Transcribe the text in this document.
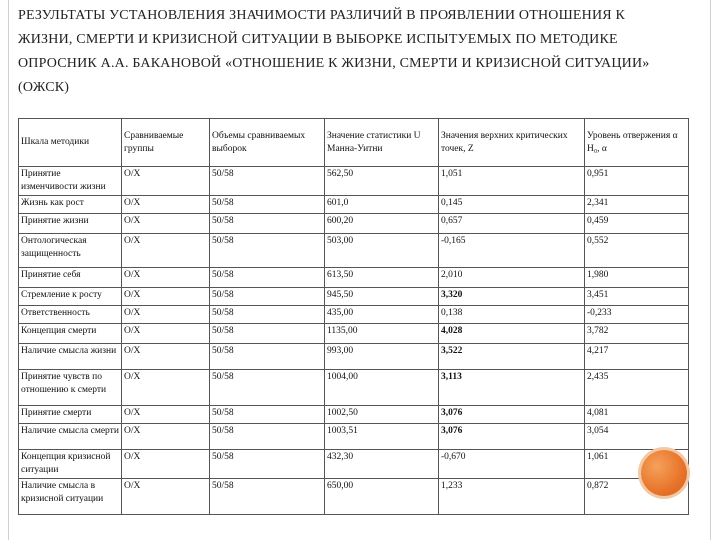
РЕЗУЛЬТАТЫ УСТАНОВЛЕНИЯ ЗНАЧИМОСТИ РАЗЛИЧИЙ В ПРОЯВЛЕНИИ ОТНОШЕНИЯ К ЖИЗНИ, СМЕРТИ И КРИЗИСНОЙ СИТУАЦИИ В ВЫБОРКЕ ИСПЫТУЕМЫХ ПО МЕТОДИКЕ ОПРОСНИК А.А. БАКАНОВОЙ «ОТНОШЕНИЕ К ЖИЗНИ, СМЕРТИ И КРИЗИСНОЙ СИТУАЦИИ» (ОЖСК)
Шкала методики	Сравниваемые группы	Объемы сравниваемых выборок	Значение статистики U Манна-Уитни	Значения верхних критических точек, Z	Уровень отвержения α H₀, α
Принятие изменчивости жизни	O/X	50/58	562,50	1,051	0,951
Жизнь как рост	O/X	50/58	601,0	0,145	2,341
Принятие жизни	O/X	50/58	600,20	0,657	0,459
Онтологическая защищенность	O/X	50/58	503,00	-0,165	0,552
Принятие себя	O/X	50/58	613,50	2,010	1,980
Стремление к росту	O/X	50/58	945,50	3,320	3,451
Ответственность	O/X	50/58	435,00	0,138	-0,233
Концепция смерти	O/X	50/58	1135,00	4,028	3,782
Наличие смысла жизни	O/X	50/58	993,00	3,522	4,217
Принятие чувств по отношению к смерти	O/X	50/58	1004,00	3,113	2,435
Принятие смерти	O/X	50/58	1002,50	3,076	4,081
Наличие смысла смерти	O/X	50/58	1003,51	3,076	3,054
Концепция кризисной ситуации	O/X	50/58	432,30	-0,670	1,061
Наличие смысла в кризисной ситуации	O/X	50/58	650,00	1,233	0,872
